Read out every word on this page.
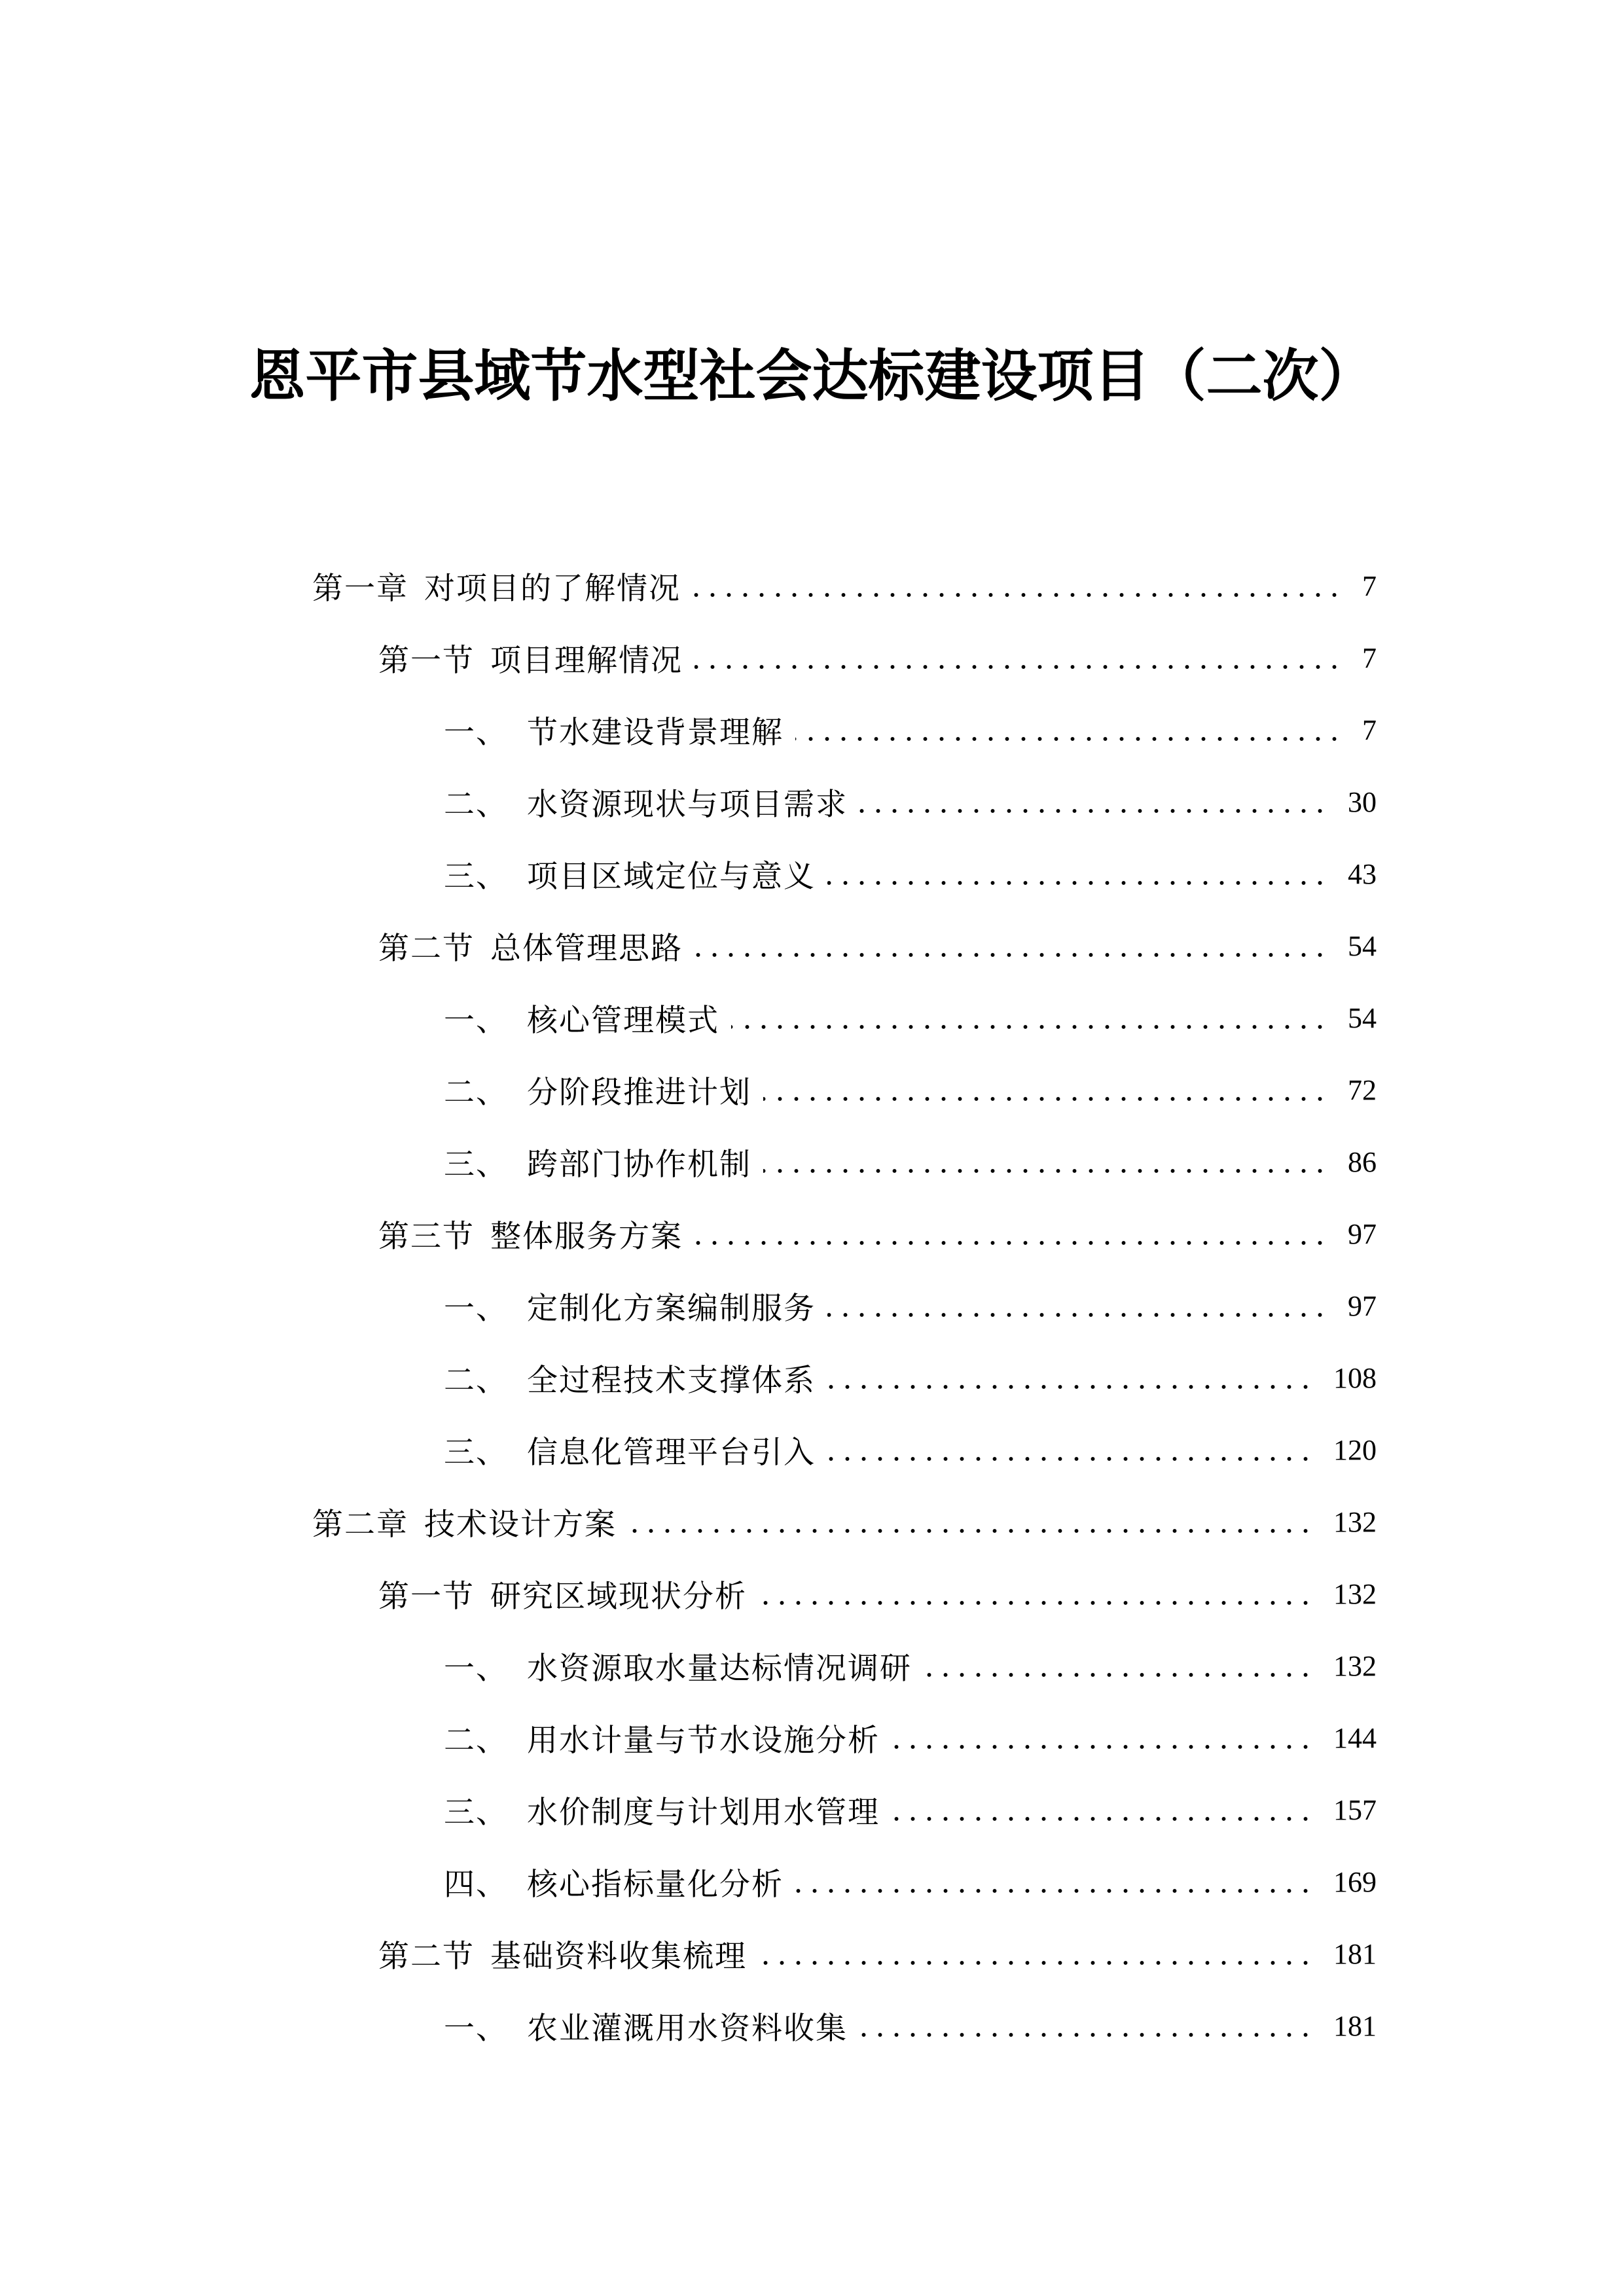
恩平市县域节水型社会达标建设项目（二次）
第一章 对项目的了解情况	7
第一节 项目理解情况	7
一、 节水建设背景理解	7
二、 水资源现状与项目需求	30
三、 项目区域定位与意义	43
第二节 总体管理思路	54
一、 核心管理模式	54
二、 分阶段推进计划	72
三、 跨部门协作机制	86
第三节 整体服务方案	97
一、 定制化方案编制服务	97
二、 全过程技术支撑体系	108
三、 信息化管理平台引入	120
第二章 技术设计方案	132
第一节 研究区域现状分析	132
一、 水资源取水量达标情况调研	132
二、 用水计量与节水设施分析	144
三、 水价制度与计划用水管理	157
四、 核心指标量化分析	169
第二节 基础资料收集梳理	181
一、 农业灌溉用水资料收集	181
